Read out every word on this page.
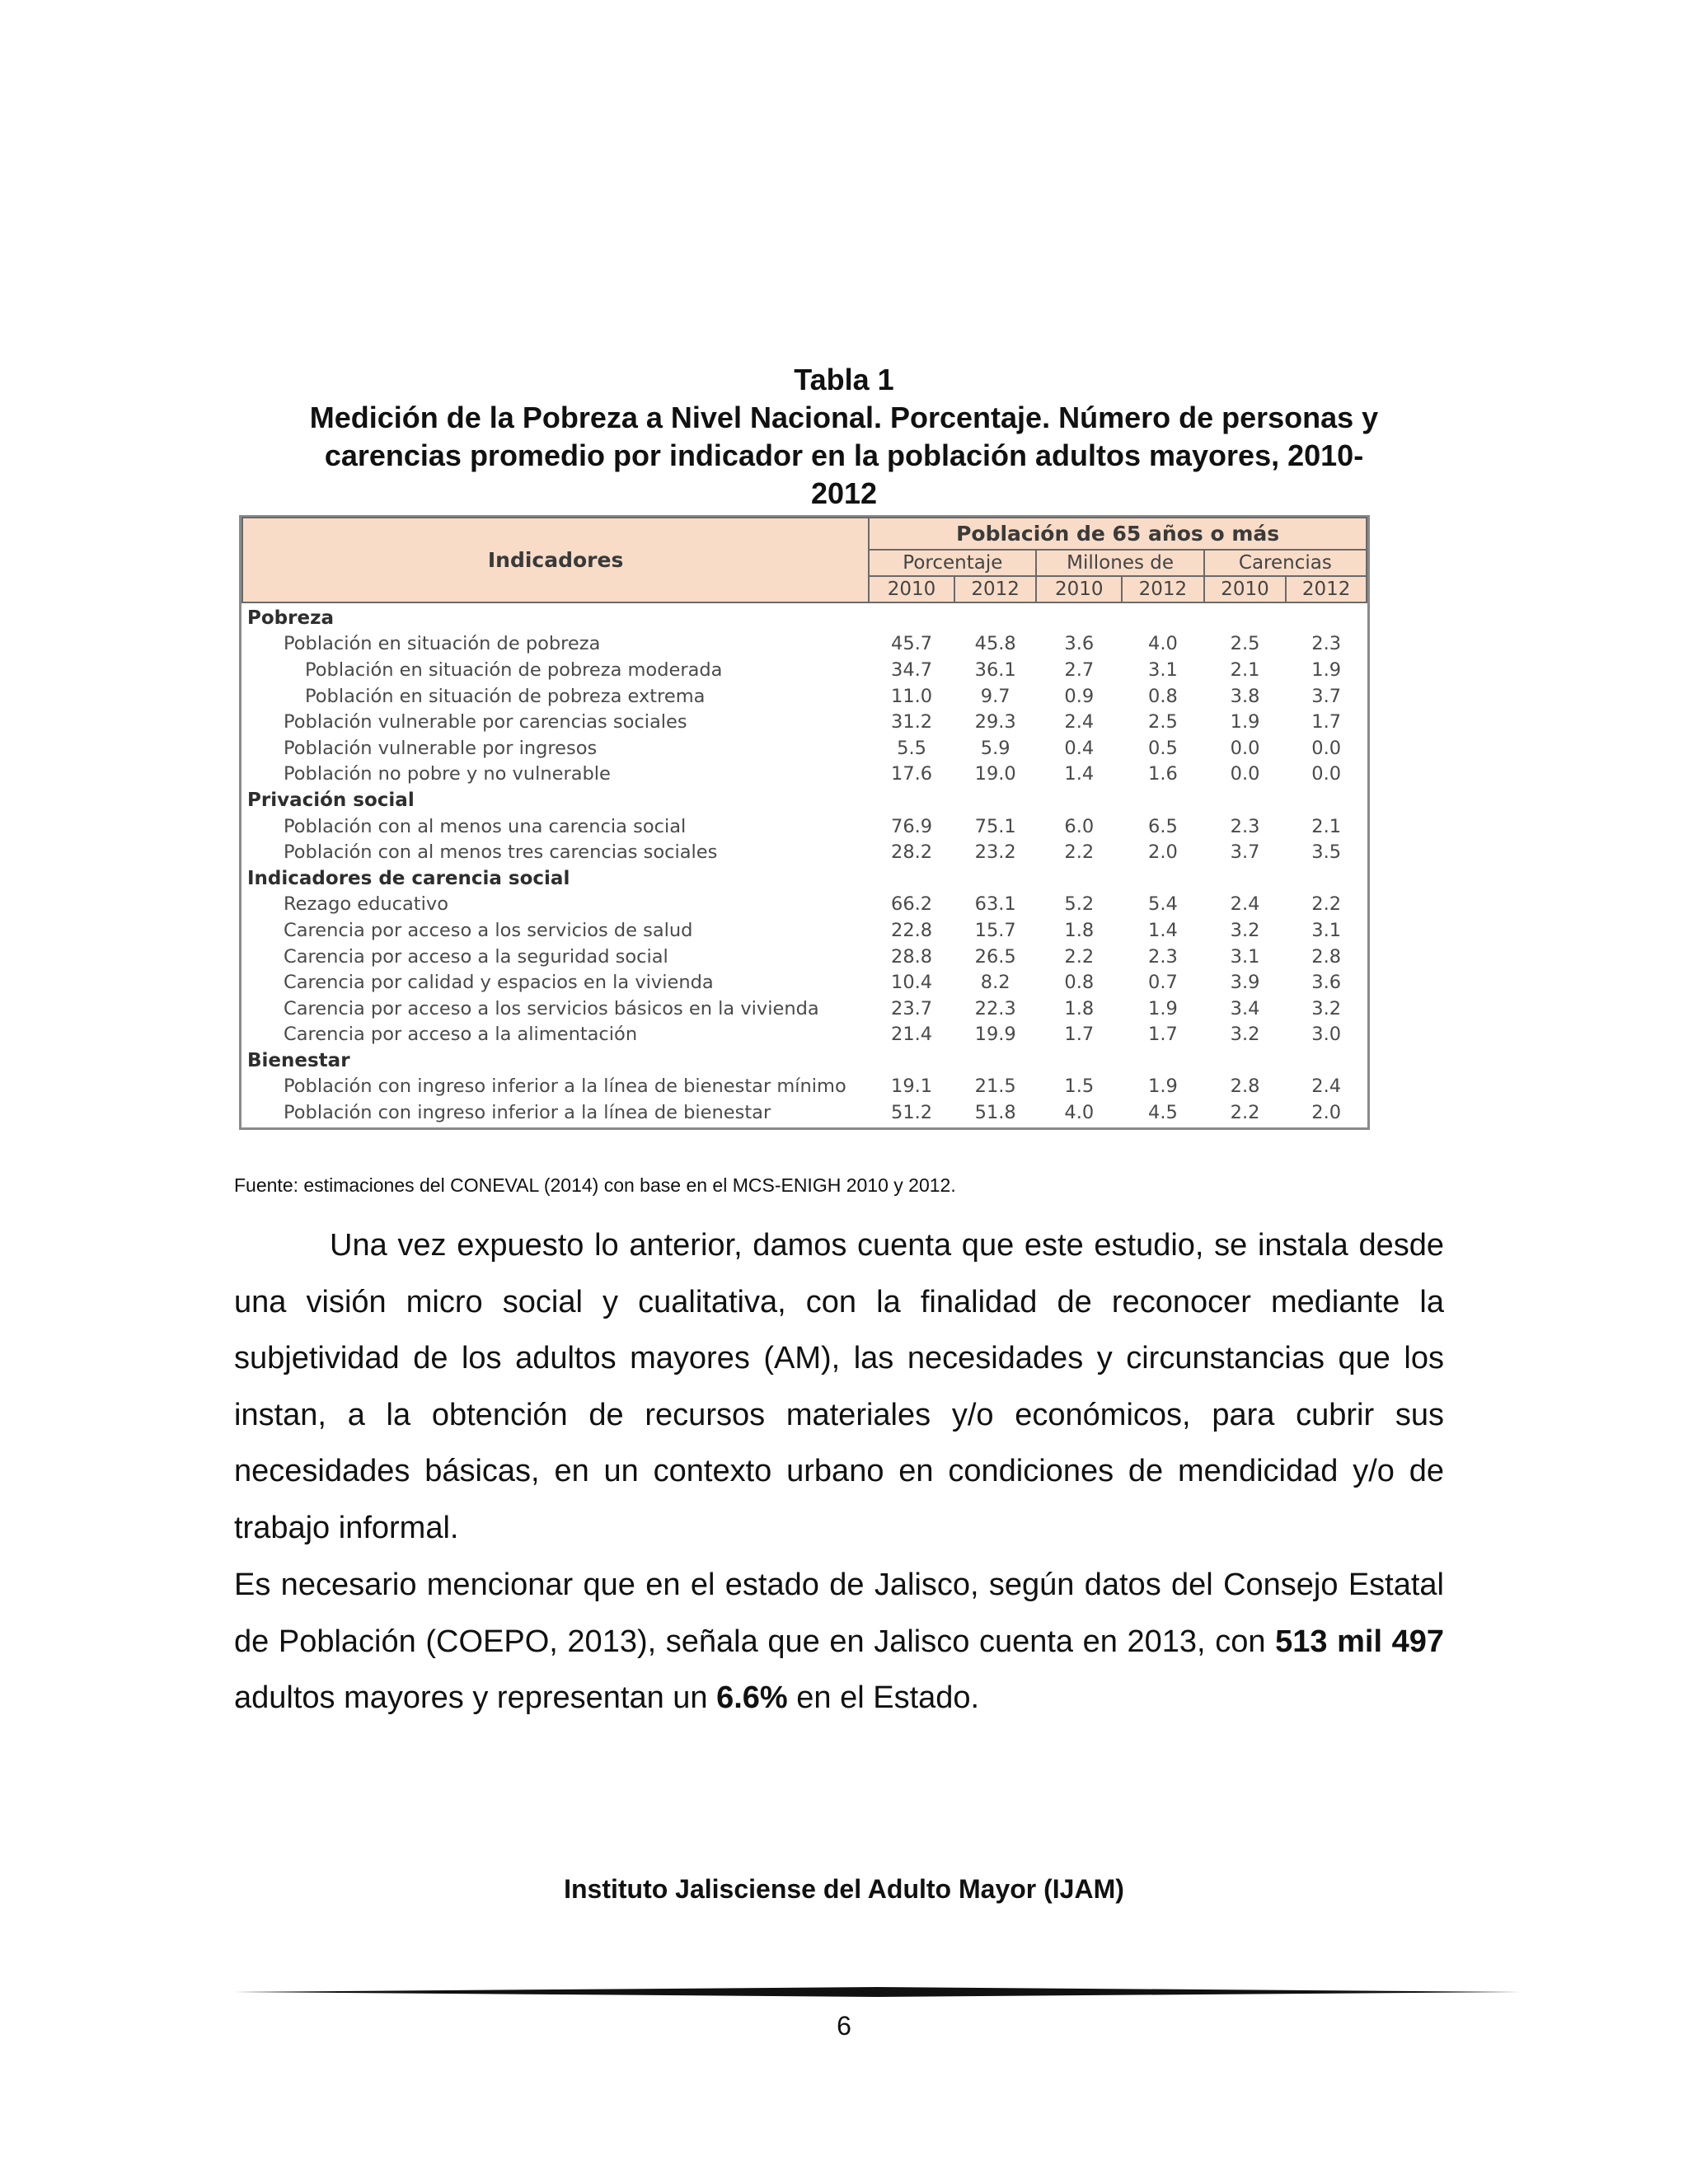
Tabla 1
Medición de la Pobreza a Nivel Nacional. Porcentaje. Número de personas y
carencias promedio por indicador en la población adultos mayores, 2010-
2012
Indicadores	Población de 65 años o más					
	Porcentaje		Millones de		Carencias	
	2010	2012	2010	2012	2010	2012
Pobreza						
Población en situación de pobreza	45.7	45.8	3.6	4.0	2.5	2.3
Población en situación de pobreza moderada	34.7	36.1	2.7	3.1	2.1	1.9
Población en situación de pobreza extrema	11.0	9.7	0.9	0.8	3.8	3.7
Población vulnerable por carencias sociales	31.2	29.3	2.4	2.5	1.9	1.7
Población vulnerable por ingresos	5.5	5.9	0.4	0.5	0.0	0.0
Población no pobre y no vulnerable	17.6	19.0	1.4	1.6	0.0	0.0
Privación social						
Población con al menos una carencia social	76.9	75.1	6.0	6.5	2.3	2.1
Población con al menos tres carencias sociales	28.2	23.2	2.2	2.0	3.7	3.5
Indicadores de carencia social						
Rezago educativo	66.2	63.1	5.2	5.4	2.4	2.2
Carencia por acceso a los servicios de salud	22.8	15.7	1.8	1.4	3.2	3.1
Carencia por acceso a la seguridad social	28.8	26.5	2.2	2.3	3.1	2.8
Carencia por calidad y espacios en la vivienda	10.4	8.2	0.8	0.7	3.9	3.6
Carencia por acceso a los servicios básicos en la vivienda	23.7	22.3	1.8	1.9	3.4	3.2
Carencia por acceso a la alimentación	21.4	19.9	1.7	1.7	3.2	3.0
Bienestar						
Población con ingreso inferior a la línea de bienestar mínimo	19.1	21.5	1.5	1.9	2.8	2.4
Población con ingreso inferior a la línea de bienestar	51.2	51.8	4.0	4.5	2.2	2.0
Fuente: estimaciones del CONEVAL (2014) con base en el MCS-ENIGH 2010 y 2012.
Una vez expuesto lo anterior, damos cuenta que este estudio, se instala desde una visión micro social y cualitativa, con la finalidad de reconocer mediante la subjetividad de los adultos mayores (AM), las necesidades y circunstancias que los instan, a la obtención de recursos materiales y/o económicos, para cubrir sus necesidades básicas, en un contexto urbano en condiciones de mendicidad y/o de trabajo informal.
Es necesario mencionar que en el estado de Jalisco, según datos del Consejo Estatal de Población (COEPO, 2013), señala que en Jalisco cuenta en 2013, con 513 mil 497 adultos mayores y representan un 6.6% en el Estado.
Instituto Jalisciense del Adulto Mayor (IJAM)
6
